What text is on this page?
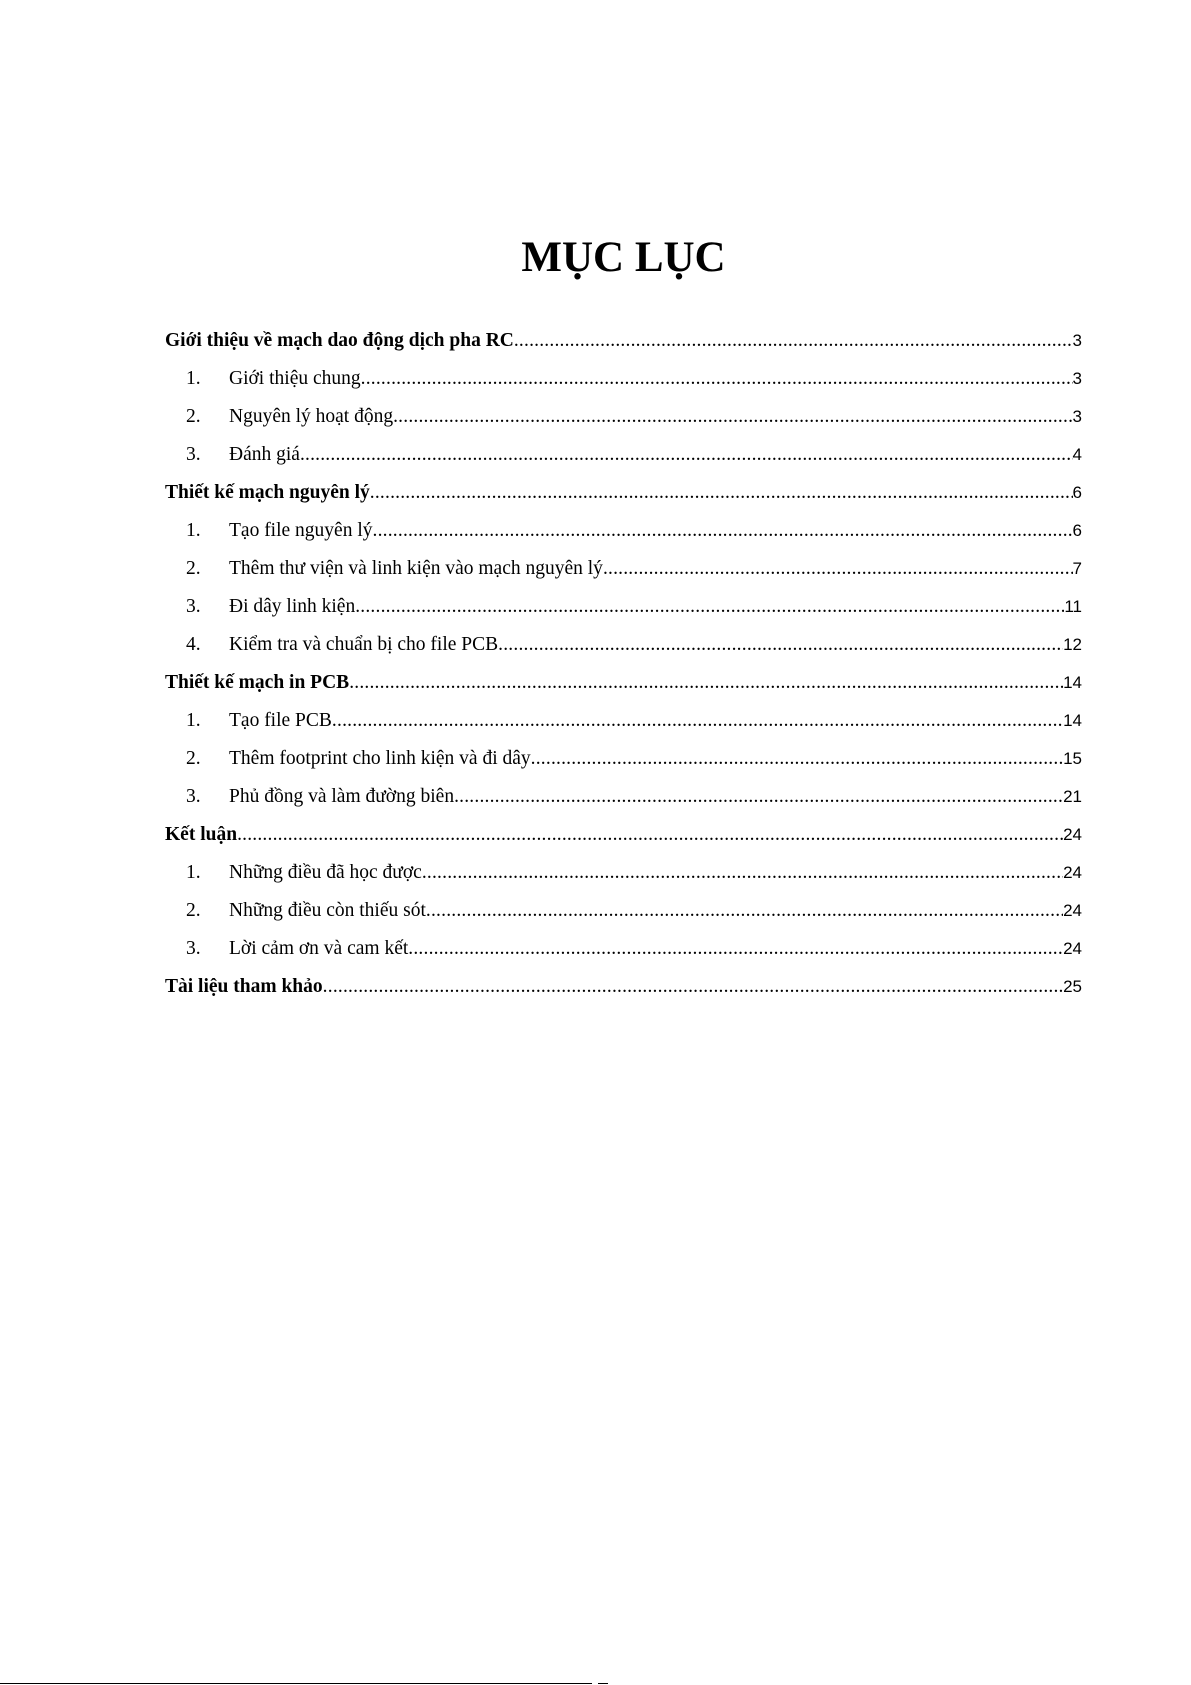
MỤC LỤC
Giới thiệu về mạch dao động dịch pha RC .....	3
1.	Giới thiệu chung .....	3
2.	Nguyên lý hoạt động .....	3
3.	Đánh giá .....	4
Thiết kế mạch nguyên lý .....	6
1.	Tạo file nguyên lý .....	6
2.	Thêm thư viện và linh kiện vào mạch nguyên lý .....	7
3.	Đi dây linh kiện .....	11
4.	Kiểm tra và chuẩn bị cho file PCB .....	12
Thiết kế mạch in PCB .....	14
1.	Tạo file PCB .....	14
2.	Thêm footprint cho linh kiện và đi dây .....	15
3.	Phủ đồng và làm đường biên .....	21
Kết luận .....	24
1.	Những điều đã học được .....	24
2.	Những điều còn thiếu sót .....	24
3.	Lời cảm ơn và cam kết .....	24
Tài liệu tham khảo .....	25
